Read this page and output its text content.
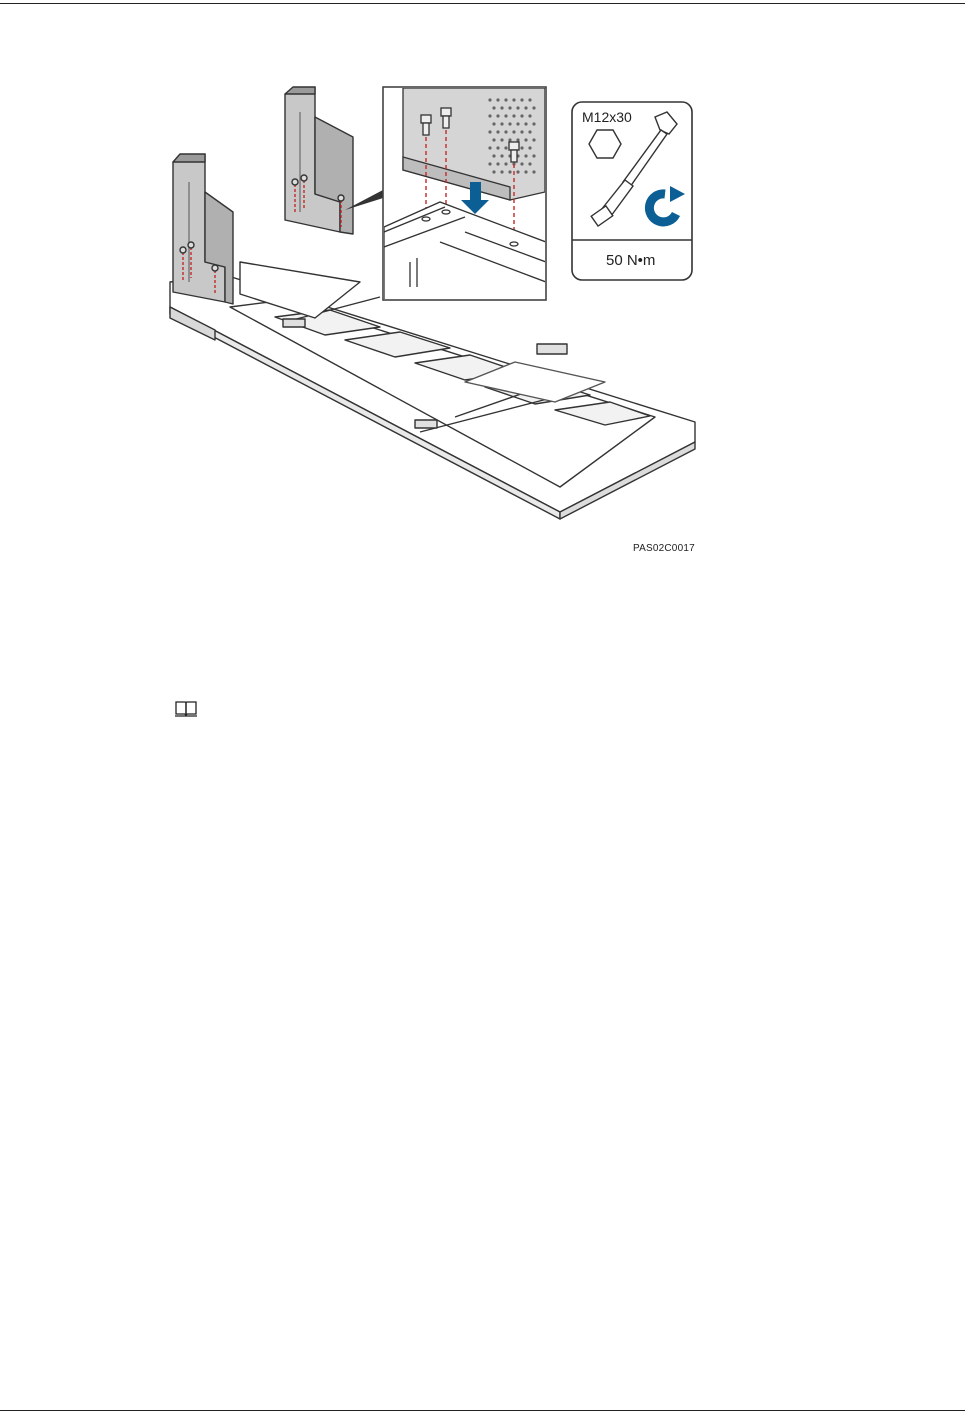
M12x30
50 N•m
PAS02C0017
